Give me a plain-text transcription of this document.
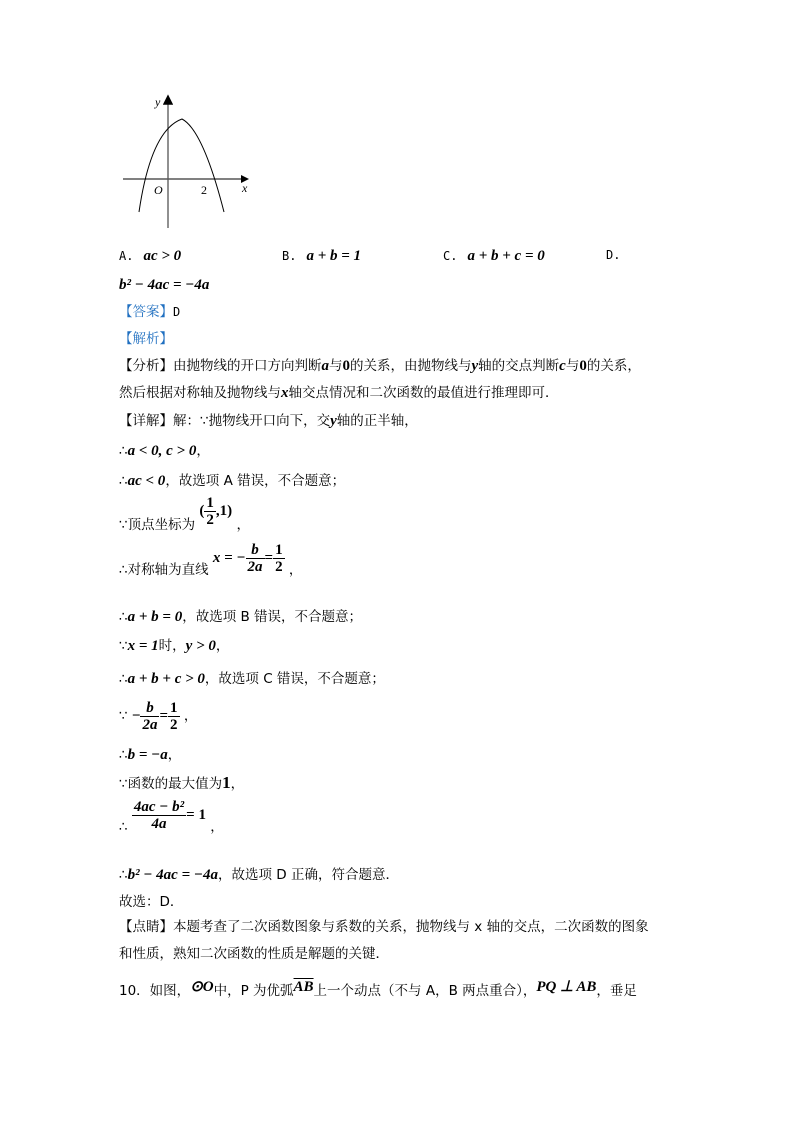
y
x
O	2
A. ac > 0	B. a + b = 1	C. a + b + c = 0	D.
b² − 4ac = −4a
【答案】D
【解析】
【分析】由抛物线的开口方向判断a与0的关系，由抛物线与y轴的交点判断c与0的关系，
然后根据对称轴及抛物线与x轴交点情况和二次函数的最值进行推理即可．
【详解】解：∵抛物线开口向下，交y轴的正半轴，
∴a < 0, c > 0，
∴ac < 0，故选项 A 错误，不合题意；
∵顶点坐标为 ( $\frac{1}{2} ,1$) ，
∴对称轴为直线 x = − $\frac{b}{2a} = \frac{1}{2}$ ，
∴a + b = 0，故选项 B 错误，不合题意；
∵x = 1时，y > 0，
∴a + b + c > 0，故选项 C 错误，不合题意；
∵ − $\frac{b}{2a} = \frac{1}{2}$ ，
∴b = −a，
∵函数的最大值为1，
∴ $\frac{\text{4ac − b²}}{4a} = 1$ ，
∴b² − 4ac = −4a，故选项 D 正确，符合题意．
故选：D．
【点睛】本题考查了二次函数图象与系数的关系，抛物线与 x 轴的交点，二次函数的图象
和性质，熟知二次函数的性质是解题的关键．
10．如图，⊙O中，P 为优弧$\overline{AB}$上一个动点（不与 A，B 两点重合），PQ ⊥ AB，垂足
